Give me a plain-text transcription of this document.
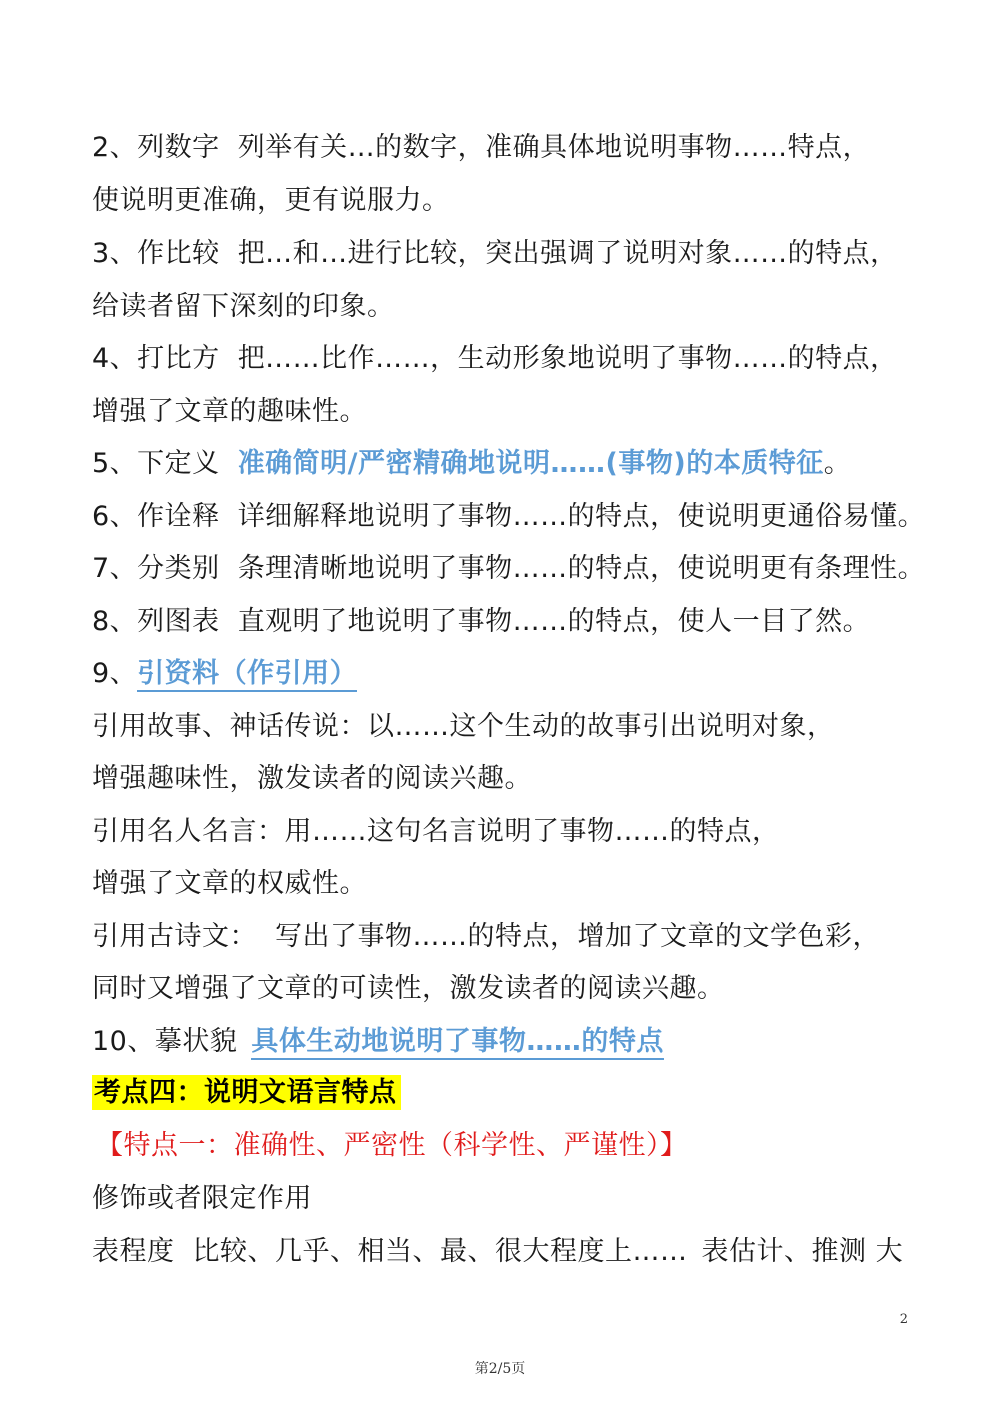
2、列数字 列举有关…的数字，准确具体地说明事物……特点，
使说明更准确，更有说服力。
3、作比较 把…和…进行比较，突出强调了说明对象……的特点，
给读者留下深刻的印象。
4、打比方 把……比作……，生动形象地说明了事物……的特点，
增强了文章的趣味性。
5、下定义 准确简明/严密精确地说明……(事物)的本质特征。
6、作诠释 详细解释地说明了事物……的特点，使说明更通俗易懂。
7、分类别 条理清晰地说明了事物……的特点，使说明更有条理性。
8、列图表 直观明了地说明了事物……的特点，使人一目了然。
9、引资料（作引用）
引用故事、神话传说：以……这个生动的故事引出说明对象，
增强趣味性，激发读者的阅读兴趣。
引用名人名言：用……这句名言说明了事物……的特点，
增强了文章的权威性。
引用古诗文： 写出了事物……的特点，增加了文章的文学色彩，
同时又增强了文章的可读性，激发读者的阅读兴趣。
10、摹状貌 具体生动地说明了事物……的特点
考点四：说明文语言特点
【特点一：准确性、严密性（科学性、严谨性）】
修饰或者限定作用
表程度 比较、几乎、相当、最、很大程度上…… 表估计、推测 大
2
第2/5页
